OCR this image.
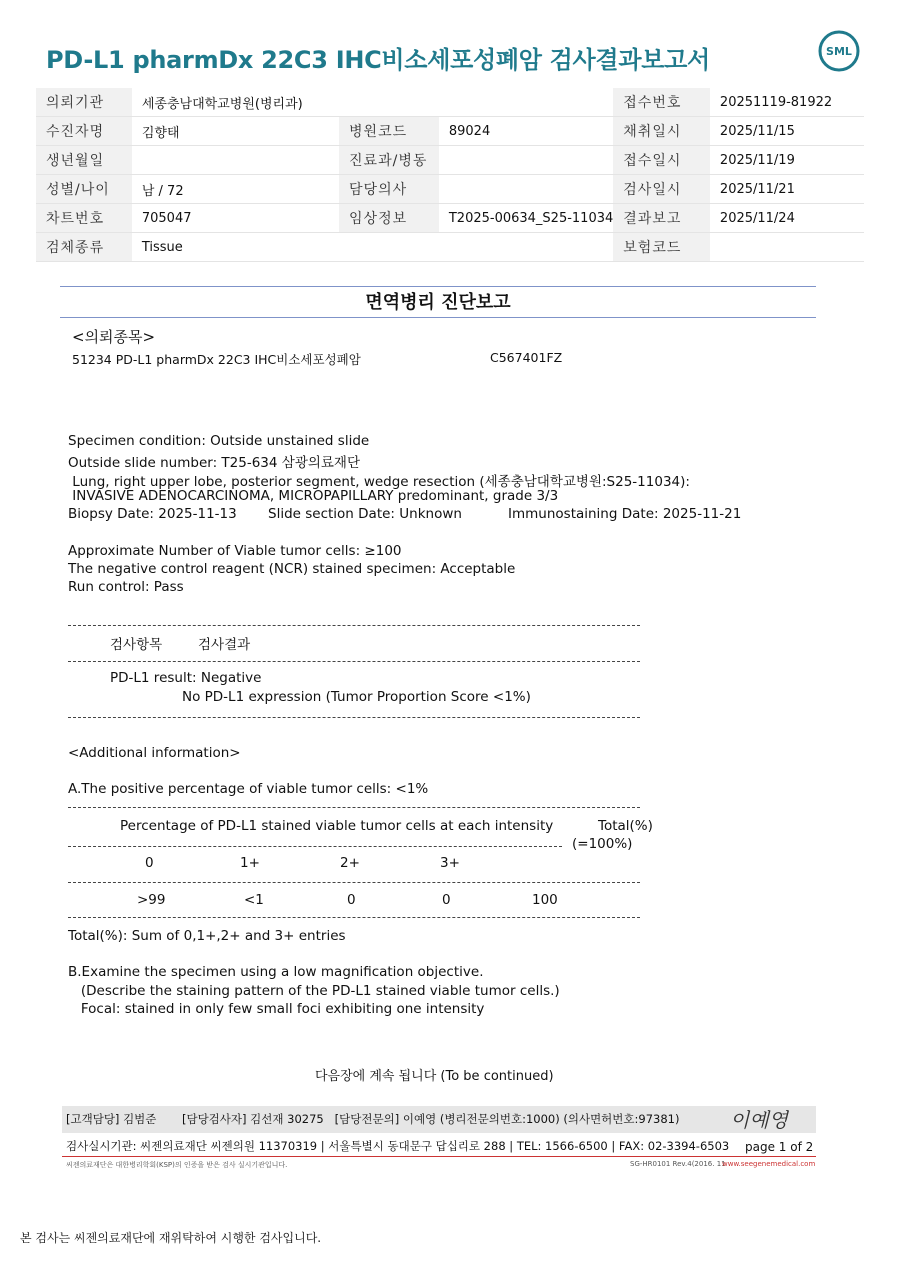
PD-L1 pharmDx 22C3 IHC비소세포성폐암 검사결과보고서	SML
의뢰기관	세종충남대학교병원(병리과)			접수번호	20251119-81922
수진자명	김향태	병원코드	89024	채취일시	2025/11/15
생년월일		진료과/병동		접수일시	2025/11/19
성별/나이	남 / 72	담당의사		검사일시	2025/11/21
차트번호	705047	임상정보	T2025-00634_S25-11034	결과보고	2025/11/24
검체종류	Tissue			보험코드	
면역병리 진단보고
<의뢰종목>
51234 PD-L1 pharmDx 22C3 IHC비소세포성폐암	C567401FZ
Specimen condition: Outside unstained slide
Outside slide number: T25-634 삼광의료재단
Lung, right upper lobe, posterior segment, wedge resection (세종충남대학교병원:S25-11034):
INVASIVE ADENOCARCINOMA, MICROPAPILLARY predominant, grade 3/3
Biopsy Date: 2025-11-13 Slide section Date: Unknown	Immunostaining Date: 2025-11-21
Approximate Number of Viable tumor cells: ≥100
The negative control reagent (NCR) stained specimen: Acceptable
Run control: Pass
검사항목	검사결과
PD-L1 result: Negative
No PD-L1 expression (Tumor Proportion Score <1%)
<Additional information>
A.The positive percentage of viable tumor cells: <1%
Percentage of PD-L1 stained viable tumor cells at each intensity	Total(%)
(=100%)
0	1+	2+	3+
>99	<1	0	0	100
Total(%): Sum of 0,1+,2+ and 3+ entries
B.Examine the specimen using a low magnification objective.
(Describe the staining pattern of the PD-L1 stained viable tumor cells.)
Focal: stained in only few small foci exhibiting one intensity
다음장에 계속 됩니다 (To be continued)
[고객담당] 김범준       [담당검사자] 김선재 30275   [담당전문의] 이예영 (병리전문의번호:1000) (의사면허번호:97381)	이예영
검사실시기관: 씨젠의료재단 씨젠의원 11370319 | 서울특별시 동대문구 답십리로 288 | TEL: 1566-6500 | FAX: 02-3394-6503 page 1 of 2
씨젠의료재단은 대한병리학회(KSP)의 인증을 받은 검사 실시기관입니다.	SG-HR0101 Rev.4(2016. 11
www.seegenemedical.com
본 검사는 씨젠의료재단에 재위탁하여 시행한 검사입니다.
